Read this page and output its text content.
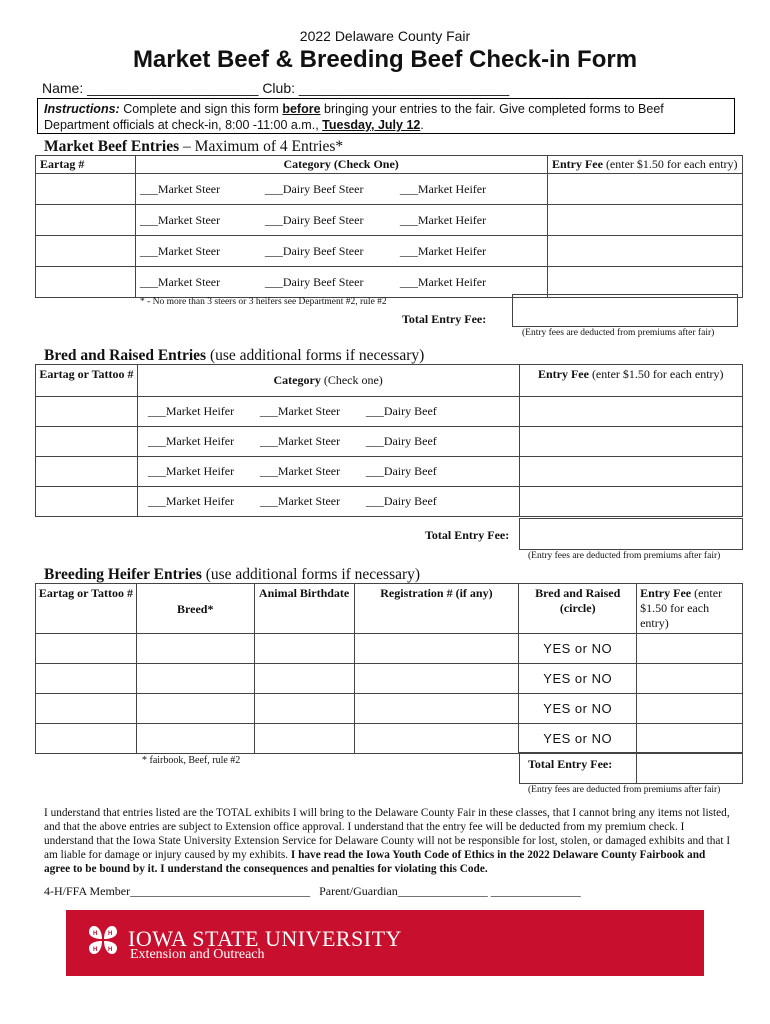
2022 Delaware County Fair
Market Beef & Breeding Beef Check-in Form
Name: ______________________ Club: ___________________________
Instructions: Complete and sign this form before bringing your entries to the fair. Give completed forms to Beef Department officials at check-in, 8:00 -11:00 a.m., Tuesday, July 12.
Market Beef Entries – Maximum of 4 Entries*
Eartag #	Category (Check One)	Entry Fee (enter $1.50 for each entry)

	___Market Steer ___Dairy Beef Steer ___Market Heifer	

	___Market Steer ___Dairy Beef Steer ___Market Heifer	

	___Market Steer ___Dairy Beef Steer ___Market Heifer	

	___Market Steer ___Dairy Beef Steer ___Market Heifer	

* - No more than 3 steers or 3 heifers see Department #2, rule #2
Total Entry Fee:
(Entry fees are deducted from premiums after fair)
Bred and Raised Entries (use additional forms if necessary)
Eartag or Tattoo #	Category (Check one)	Entry Fee (enter $1.50 for each entry)

	___Market Heifer ___Market Steer ___Dairy Beef	

	___Market Heifer ___Market Steer ___Dairy Beef	

	___Market Heifer ___Market Steer ___Dairy Beef	

	___Market Heifer ___Market Steer ___Dairy Beef	

Total Entry Fee:
(Entry fees are deducted from premiums after fair)
Breeding Heifer Entries (use additional forms if necessary)
Eartag or Tattoo #	Breed*	Animal Birthdate	Registration # (if any)	Bred and Raised (circle)	Entry Fee (enter $1.50 for each entry)
				YES or NO	
				YES or NO	
				YES or NO	
				YES or NO	
* fairbook, Beef, rule #2	Total Entry Fee:
(Entry fees are deducted from premiums after fair)
I understand that entries listed are the TOTAL exhibits I will bring to the Delaware County Fair in these classes, that I cannot bring any items not listed, and that the above entries are subject to Extension office approval. I understand that the entry fee will be deducted from my premium check. I understand that the Iowa State University Extension Service for Delaware County will not be responsible for lost, stolen, or damaged exhibits and that I am liable for damage or injury caused by my exhibits. I have read the Iowa Youth Code of Ethics in the 2022 Delaware County Fairbook and agree to be bound by it. I understand the consequences and penalties for violating this Code.
4-H/FFA Member______________________________ Parent/Guardian_______________ _______________
H H
H H IOWA STATE UNIVERSITY
Extension and Outreach
